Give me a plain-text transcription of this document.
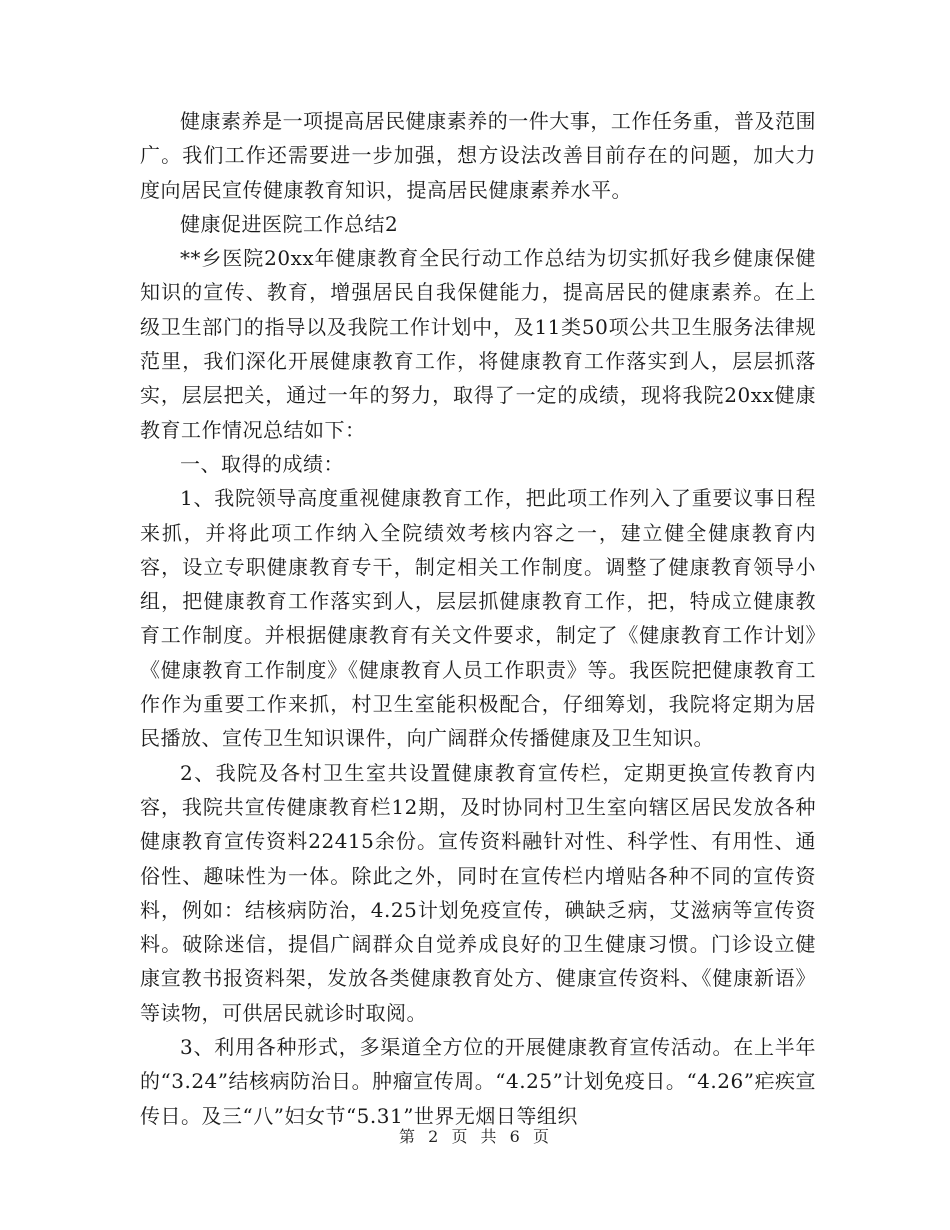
健康素养是一项提高居民健康素养的一件大事，工作任务重，普及范围广。我们工作还需要进一步加强，想方设法改善目前存在的问题，加大力度向居民宣传健康教育知识，提高居民健康素养水平。

健康促进医院工作总结2

**乡医院20xx年健康教育全民行动工作总结为切实抓好我乡健康保健知识的宣传、教育，增强居民自我保健能力，提高居民的健康素养。在上级卫生部门的指导以及我院工作计划中，及11类50项公共卫生服务法律规范里，我们深化开展健康教育工作，将健康教育工作落实到人，层层抓落实，层层把关，通过一年的努力，取得了一定的成绩，现将我院20xx健康教育工作情况总结如下：

一、取得的成绩：

1、我院领导高度重视健康教育工作，把此项工作列入了重要议事日程来抓，并将此项工作纳入全院绩效考核内容之一，建立健全健康教育内容，设立专职健康教育专干，制定相关工作制度。调整了健康教育领导小组，把健康教育工作落实到人，层层抓健康教育工作，把，特成立健康教育工作制度。并根据健康教育有关文件要求，制定了《健康教育工作计划》《健康教育工作制度》《健康教育人员工作职责》等。我医院把健康教育工作作为重要工作来抓，村卫生室能积极配合，仔细筹划，我院将定期为居民播放、宣传卫生知识课件，向广阔群众传播健康及卫生知识。

2、我院及各村卫生室共设置健康教育宣传栏，定期更换宣传教育内容，我院共宣传健康教育栏12期，及时协同村卫生室向辖区居民发放各种健康教育宣传资料22415余份。宣传资料融针对性、科学性、有用性、通俗性、趣味性为一体。除此之外，同时在宣传栏内增贴各种不同的宣传资料，例如：结核病防治，4.25计划免疫宣传，碘缺乏病，艾滋病等宣传资料。破除迷信，提倡广阔群众自觉养成良好的卫生健康习惯。门诊设立健康宣教书报资料架，发放各类健康教育处方、健康宣传资料、《健康新语》等读物，可供居民就诊时取阅。

3、利用各种形式，多渠道全方位的开展健康教育宣传活动。在上半年的“3.24”结核病防治日。肿瘤宣传周。“4.25”计划免疫日。“4.26”疟疾宣传日。及三“八”妇女节“5.31”世界无烟日等组织

第 2 页 共 6 页
